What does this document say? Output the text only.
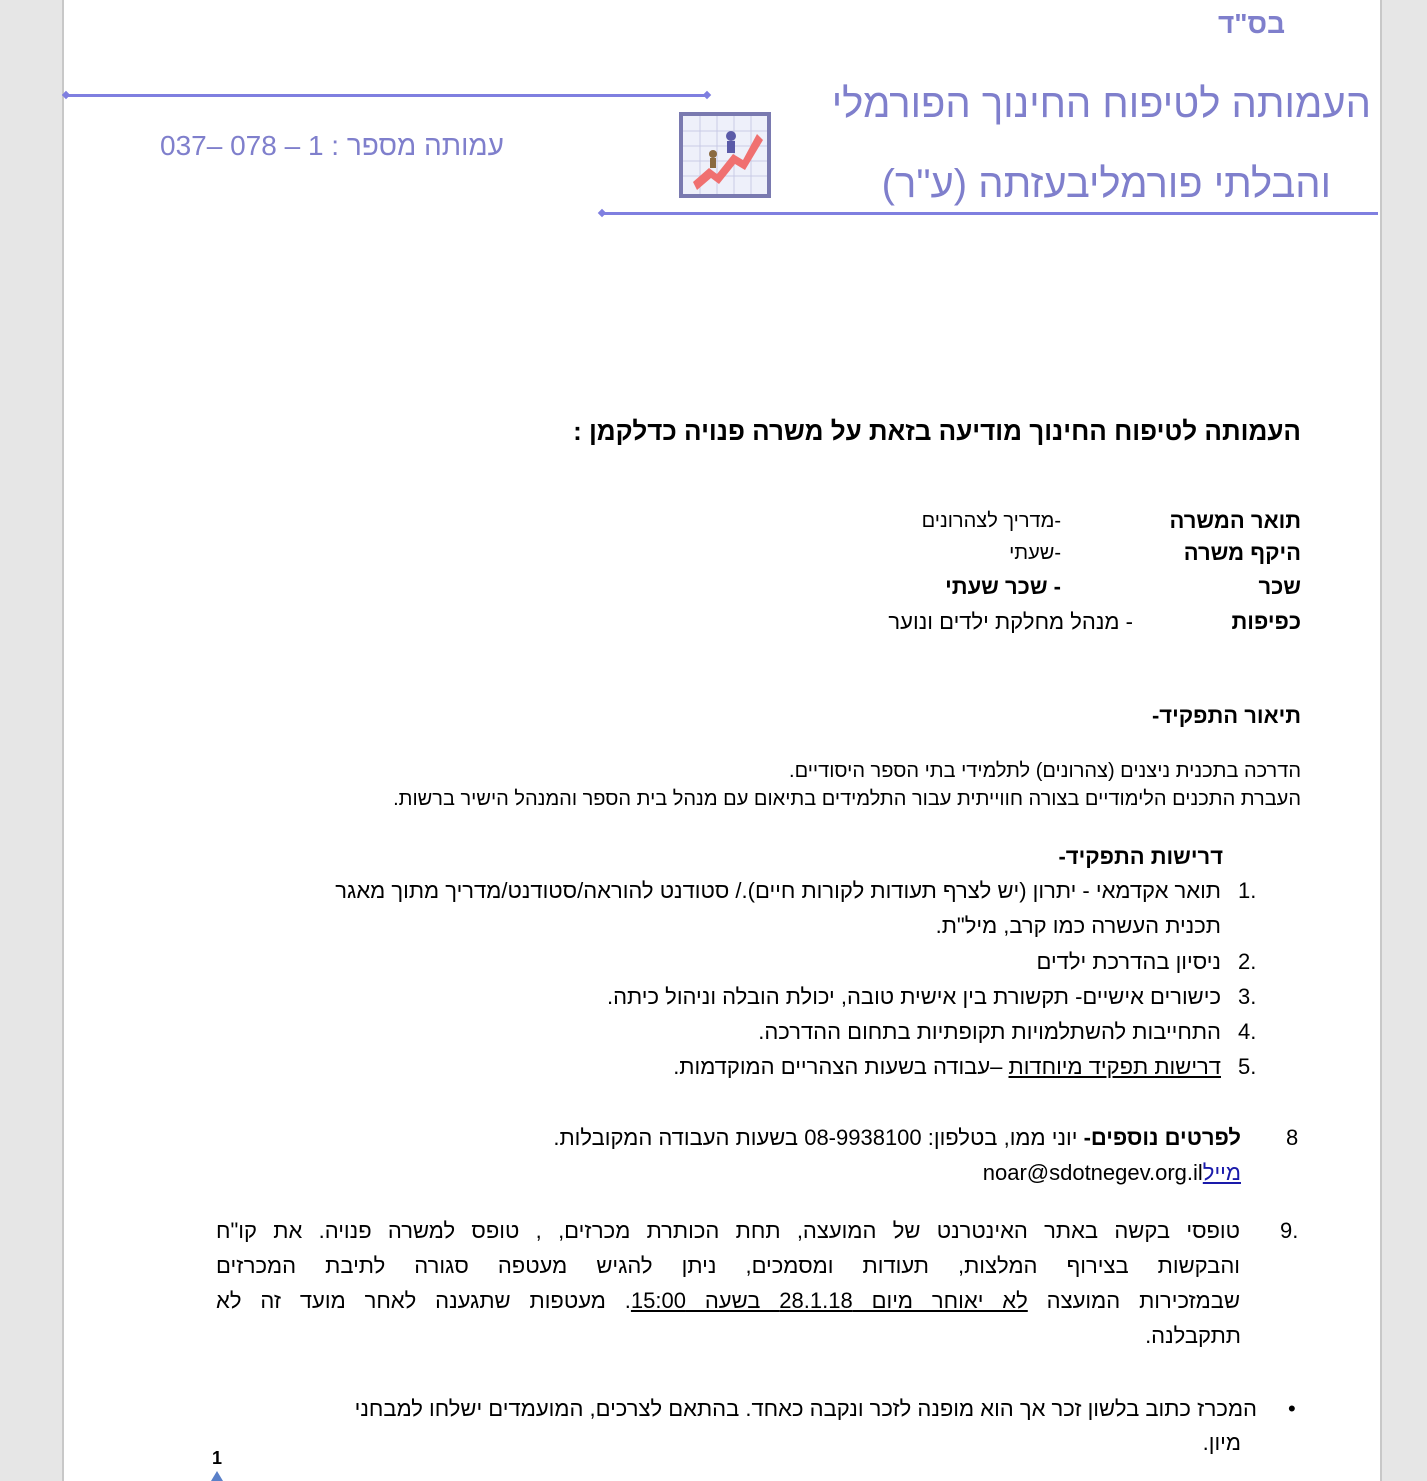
בס"ד
העמותה לטיפוח החינוך הפורמלי
והבלתי פורמליבעזתה (ע"ר)
עמותה מספר : 1 – 078 –037
העמותה לטיפוח החינוך מודיעה בזאת על משרה פנויה כדלקמן :
תואר המשרה
-מדריך לצהרונים
היקף משרה
-שעתי
שכר
- שכר שעתי
כפיפות
- מנהל מחלקת ילדים ונוער
תיאור התפקיד-
הדרכה בתכנית ניצנים (צהרונים) לתלמידי בתי הספר היסודיים.
העברת התכנים הלימודיים בצורה חווייתית עבור התלמידים בתיאום עם מנהל בית הספר והמנהל הישיר ברשות.
דרישות התפקיד-
1.
תואר אקדמאי - יתרון (יש לצרף תעודות לקורות חיים)./ סטודנט להוראה/סטודנט/מדריך מתוך מאגר
תכנית העשרה כמו קרב, מיל"ת.
2.
ניסיון בהדרכת ילדים
3.
כישורים אישיים- תקשורת בין אישית טובה, יכולת הובלה וניהול כיתה.
4.
התחייבות להשתלמויות תקופתיות בתחום ההדרכה.
5.
דרישות תפקיד מיוחדות –עבודה בשעות הצהריים המוקדמות.
8
לפרטים נוספים- יוני ממו, בטלפון: 08-9938100 בשעות העבודה המקובלות.
מיילnoar@sdotnegev.org.il
9.
טופסי בקשה באתר האינטרנט של המועצה, תחת הכותרת מכרזים, , טופס למשרה פנויה. את קו"ח
והבקשות בצירוף המלצות, תעודות ומסמכים, ניתן להגיש מעטפה סגורה לתיבת המכרזים
שבמזכירות המועצה לא יאוחר מיום 28.1.18 בשעה 15:00. מעטפות שתגענה לאחר מועד זה לא
תתקבלנה.
•
המכרז כתוב בלשון זכר אך הוא מופנה לזכר ונקבה כאחד. בהתאם לצרכים, המועמדים ישלחו למבחני
מיון.
1
